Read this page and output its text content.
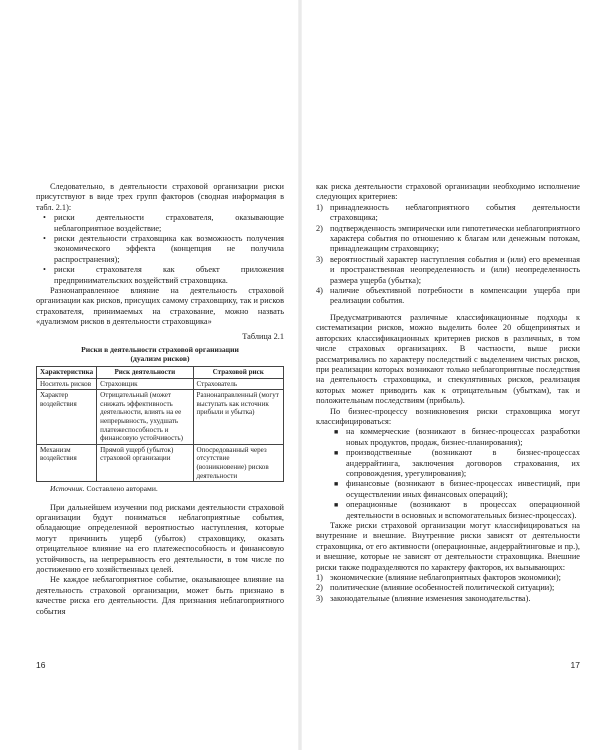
Следовательно, в деятельности страховой организации риски присутствуют в виде трех групп факторов (сводная информация в табл. 2.1):

• риски деятельности страхователя, оказывающие неблагоприятное воздействие;
• риски деятельности страховщика как возможность получения экономического эффекта (концепция не получила распространения);
• риски страхователя как объект приложения предпринимательских воздействий страховщика.

Разнонаправленное влияние на деятельность страховой организации как рисков, присущих самому страховщику, так и рисков страхователя, принимаемых на страхование, можно назвать «дуализмом рисков в деятельности страховщика»

Таблица 2.1
Риски в деятельности страховой организации
(дуализм рисков)
Характеристика	Риск деятельности	Страховой риск
Носитель рисков	Страховщик	Страхователь
Характер воздействия	Отрицательный (может снижать эффективность деятельности, влиять на ее непрерывность, ухудшать платежеспособность и финансовую устойчивость)	Разнонаправленный (могут выступать как источник прибыли и убытка)
Механизм воздействия	Прямой ущерб (убыток) страховой организации	Опосредованный через отсутствие (возникновение) рисков деятельности
Источник. Составлено авторами.

При дальнейшем изучении под рисками деятельности страховой организации будут пониматься неблагоприятные события, обладающие определенной вероятностью наступления, которые могут причинить ущерб (убыток) страховщику, оказать отрицательное влияние на его платежеспособность и финансовую устойчивость, на непрерывность его деятельности, в том числе по достижению его хозяйственных целей.

Не каждое неблагоприятное событие, оказывающее влияние на деятельность страховой организации, может быть признано в качестве риска его деятельности. Для признания неблагоприятного события

16

как риска деятельности страховой организации необходимо исполнение следующих критериев:

1) принадлежность неблагоприятного события деятельности страховщика;
2) подтвержденность эмпирически или гипотетически неблагоприятного характера события по отношению к благам или денежным потокам, принадлежащим страховщику;
3) вероятностный характер наступления события и (или) его временная и пространственная неопределенность и (или) неопределенность размера ущерба (убытка);
4) наличие объективной потребности в компенсации ущерба при реализации события.

Предусматриваются различные классификационные подходы к систематизации рисков, можно выделить более 20 общепринятых и авторских классификационных критериев рисков в различных, в том числе страховых организациях. В частности, выше риски рассматривались по характеру последствий с выделением чистых рисков, при реализации которых возникают только неблагоприятные последствия на деятельность страховщика, и спекулятивных рисков, реализация которых может приводить как к отрицательным (убыткам), так и положительным последствиям (прибыль).

По бизнес-процессу возникновения риски страховщика могут классифицироваться:

■ на коммерческие (возникают в бизнес-процессах разработки новых продуктов, продаж, бизнес-планирования);
■ производственные (возникают в бизнес-процессах андеррайтинга, заключения договоров страхования, их сопровождения, урегулирования);
■ финансовые (возникают в бизнес-процессах инвестиций, при осуществлении иных финансовых операций);
■ операционные (возникают в процессах операционной деятельности в основных и вспомогательных бизнес-процессах).

Также риски страховой организации могут классифицироваться на внутренние и внешние. Внутренние риски зависят от деятельности страховщика, от его активности (операционные, андеррайтинговые и пр.), и внешние, которые не зависят от деятельности страховщика. Внешние риски также подразделяются по характеру факторов, их вызывающих:

1) экономические (влияние неблагоприятных факторов экономики);
2) политические (влияние особенностей политической ситуации);
3) законодательные (влияние изменения законодательства).
17
